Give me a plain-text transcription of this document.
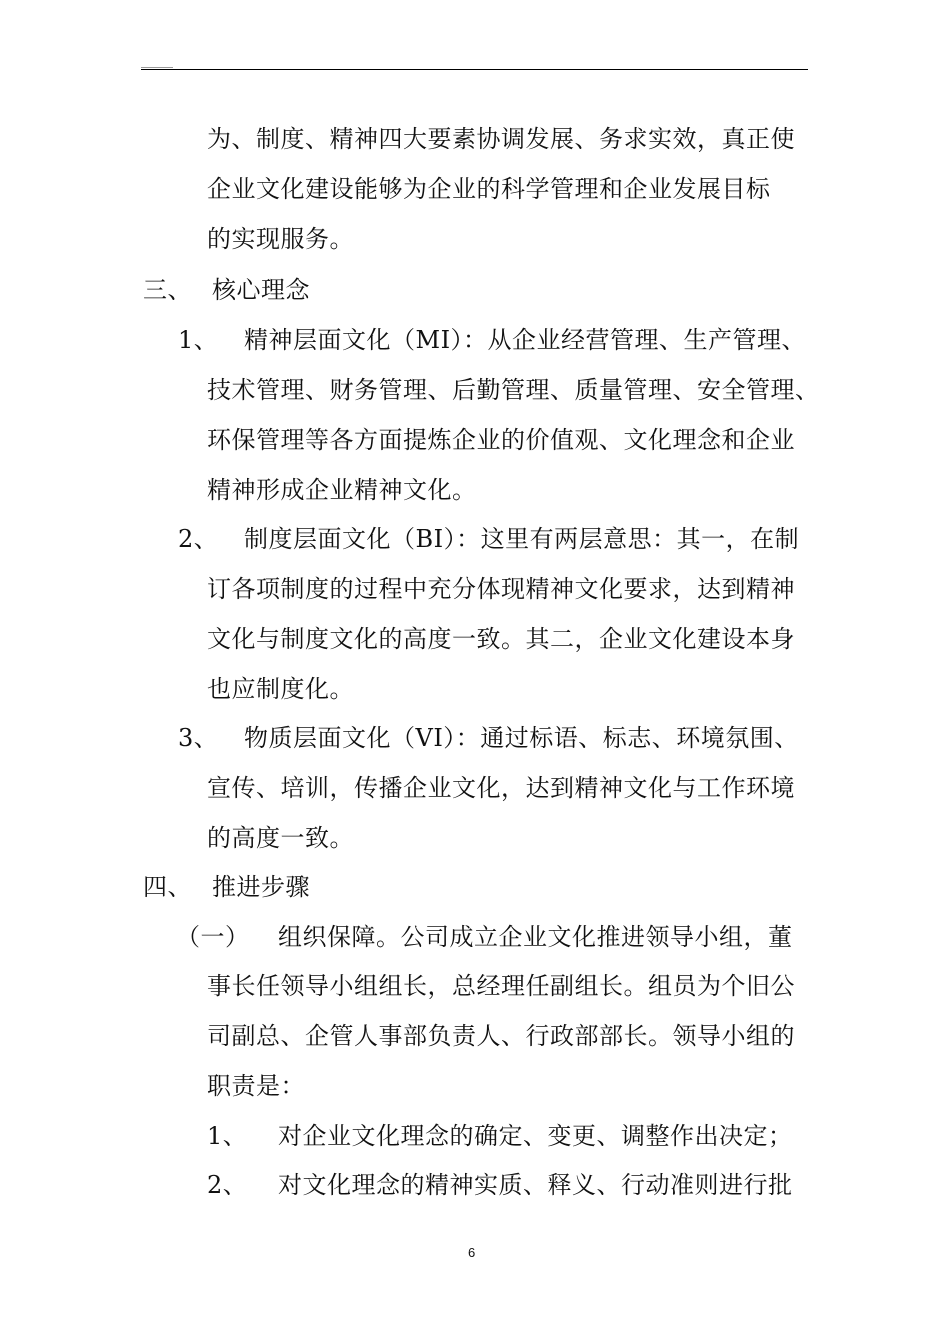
为、制度、精神四大要素协调发展、务求实效，真正使
企业文化建设能够为企业的科学管理和企业发展目标
的实现服务。
三、 核心理念
1、 精神层面文化（MI）：从企业经营管理、生产管理、
技术管理、财务管理、后勤管理、质量管理、安全管理、
环保管理等各方面提炼企业的价值观、文化理念和企业
精神形成企业精神文化。
2、 制度层面文化（BI）：这里有两层意思：其一，在制
订各项制度的过程中充分体现精神文化要求，达到精神
文化与制度文化的高度一致。其二，企业文化建设本身
也应制度化。
3、 物质层面文化（VI）：通过标语、标志、环境氛围、
宣传、培训，传播企业文化，达到精神文化与工作环境
的高度一致。
四、 推进步骤
（一） 组织保障。公司成立企业文化推进领导小组，董
事长任领导小组组长，总经理任副组长。组员为个旧公
司副总、企管人事部负责人、行政部部长。领导小组的
职责是：
1、 对企业文化理念的确定、变更、调整作出决定；
2、 对文化理念的精神实质、释义、行动准则进行批
6
